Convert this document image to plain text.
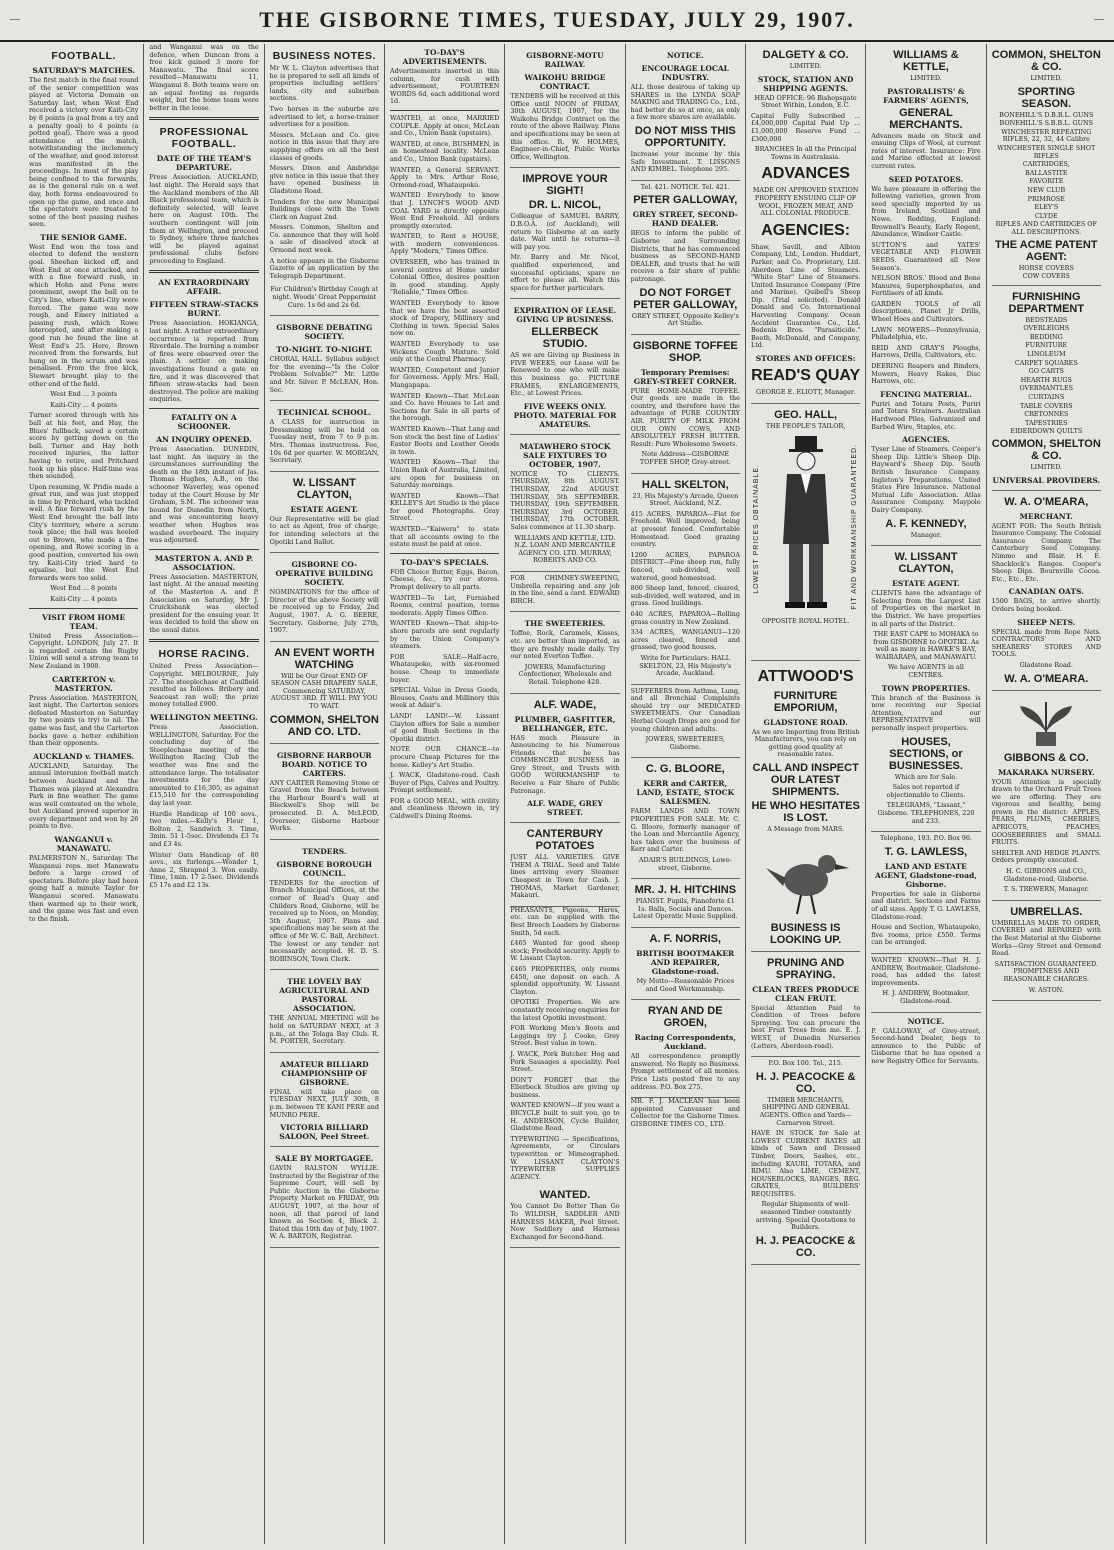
—	THE GISBORNE TIMES, TUESDAY, JULY 29, 1907.	—
FOOTBALL.
SATURDAY'S MATCHES.

The first match in the final round of the senior competition was played at Victoria Domain on Saturday last, when West End received a victory over Kaiti-City by 8 points (a goal from a try and a penalty goal) to 4 points (a potted goal). There was a good attendance at the match, notwithstanding the inclemency of the weather, and good interest was manifested in the proceedings. In most of the play being confined to the forwards, as is the general rule on a wet day, both forms endeavoured to open up the game, and once and the spectators were treated to some of the best passing rushes seen.

THE SENIOR GAME.

West End won the toss and elected to defend the western goal. Sheehan kicked off, and West End at once attacked, and with a fine forward rush, in which Hohn and Pene were prominent, swept the ball on to City's line, where Kaiti-City were forced. The game was now rough, and Emery initiated a passing rush, which Rowe intercepted, and after making a good run he found the line at West End's 25. Here, Brown received from the forwards, but hung on in the scrum and was penalised. From the free kick, Stewart brought play to the other end of the field.

West End ... 3 points

Kaiti-City ... 4 points

Turner scored through with his ball at his feet, and Hay, the Blues' fullback, saved a certain score by getting down on the ball. Turner and Hay both received injuries, the latter having to retire, and Pritchard took up his place. Half-time was then sounded.

Upon resuming, W. Pridie made a great run, and was just stopped in time by Pritchard, who tackled well. A fine forward rush by the West End brought the ball into City's territory, where a scrum took place; the ball was heeled out to Brown, who made a fine opening, and Rowe scoring in a good position, converted his own try. Kaiti-City tried hard to equalise, but the West End forwards were too solid.

West End ... 8 points

Kaiti-City ... 4 points

VISIT FROM HOME TEAM.

United Press Association—Copyright. LONDON, July 27. It is regarded certain the Rugby Union will send a strong team to New Zealand in 1908.

CARTERTON v. MASTERTON.

Press Association. MASTERTON, last night. The Carterton seniors defeated Masterton on Saturday by two points (a try) to nil. The game was fast, and the Carterton backs gave a better exhibition than their opponents.

AUCKLAND v. THAMES.

AUCKLAND, Saturday. The annual interunion football match between Auckland and the Thames was played at Alexandra Park in fine weather. The game was well contested on the whole, but Auckland proved superior in every department and won by 26 points to five.

WANGANUI v. MANAWATU.

PALMERSTON N., Saturday. The Wanganui reps. met Manawatu before a large crowd of spectators. Before play had been going half a minute Taylor for Wanganui scored. Manawatu then warmed up to their work, and the game was fast and even to the finish.

and Wanganui was on the defence, when Duncan from a free kick gained 3 more for Manawatu. The final score resulted—Manawatu 11, Wanganui 8. Both teams were on an equal footing as regards weight, but the home team were better in the loose.

PROFESSIONAL FOOTBALL.
DATE OF THE TEAM'S DEPARTURE.

Press Association. AUCKLAND, last night. The Herald says that the Auckland members of the All Black professional team, which is definitely selected, will leave here on August 10th. The southern contingent will join them at Wellington, and proceed to Sydney, where three matches will be played against professional clubs before proceeding to England.

AN EXTRAORDINARY AFFAIR.
FIFTEEN STRAW-STACKS BURNT.

Press Association. HOKIANGA, last night. A rather extraordinary occurrence is reported from Riverdale. The burning a number of fires were observed over the plain. A settler on making investigations found a gate on fire, and it was discovered that fifteen straw-stacks had been destroyed. The police are making enquiries.

FATALITY ON A SCHOONER.
AN INQUIRY OPENED.

Press Association. DUNEDIN, last night. An inquiry in the circumstances surrounding the death on the 18th instant of Jas. Thomas Hughes, A.B., on the schooner Waverley, was opened today at the Court House by Mr Graham, S.M. The schooner was bound for Dunedin from North, and was encountering heavy weather when Hughes was washed overboard. The inquiry was adjourned.

MASTERTON A. AND P. ASSOCIATION.

Press Association. MASTERTON, last night. At the annual meeting of the Masterton A. and P. Association on Saturday, Mr J. Cruickshank was elected president for the ensuing year. It was decided to hold the show on the usual dates.

HORSE RACING.

United Press Association—Copyright. MELBOURNE, July 27. The steeplechase at Caulfield resulted as follows. Bribery and Seacoast ran well; the prize money totalled £900.

WELLINGTON MEETING.

Press Association. WELLINGTON, Saturday. For the concluding day of the Steeplechase meeting of the Wellington Racing Club the weather was fine and the attendance large. The totalisator investments for the day amounted to £16,305, as against £15,510 for the corresponding day last year.

Hurdle Handicap of 100 sovs., two miles.—Kelly's Fleur 1, Bolton 2, Sandwich 3. Time, 3min. 51 1-5sec. Dividends £3 7s and £3 4s.

Winter Oats Handicap of 80 sovs., six furlongs.—Wonder 1, Anne 2, Shrapnel 3. Won easily. Time, 1min. 17 2-5sec. Dividends £5 17s and £2 13s.

BUSINESS NOTES.

Mr W. L. Clayton advertises that he is prepared to sell all kinds of properties including settlers' lands, city and suburban sections.

Two horses in the suburbs are advertised to let, a horse-trainer advertises for a position.

Messrs. McLean and Co. give notice in this issue that they are supplying offers on all the best classes of goods.

Messrs. Dixon and Ambridge give notice in this issue that they have opened business in Gladstone Road.

Tenders for the new Municipal Buildings close with the Town Clerk on August 2nd.

Messrs. Common, Shelton and Co. announce that they will hold a sale of dissolved stock at Ormond next week.

A notice appears in the Gisborne Gazette of an application by the Telegraph Department.

For Children's Birthday Cough at night. Woods' Great Peppermint Cure. 1s 6d and 2s 6d.

GISBORNE DEBATING SOCIETY.
TO-NIGHT. TO-NIGHT.

CHORAL HALL. Syllabus subject for the evening—"Is the Color Problem Solvable?" Mr. Little and Mr. Silver. P. McLEAN, Hon. Sec.

TECHNICAL SCHOOL.

A CLASS for instruction in Dressmaking will be held on Tuesday next, from 7 to 9 p.m. Mrs. Thomas instructress. Fee, 10s 6d per quarter. W. MORGAN, Secretary.

W. LISSANT CLAYTON,
ESTATE AGENT.

Our Representative will be glad to act as Agent, free of charge, for intending selectors at the Opotiki Land Ballot.

GISBORNE CO-OPERATIVE BUILDING SOCIETY.

NOMINATIONS for the office of Director of the above Society will be received up to Friday, 2nd August, 1907. A. G. BEERE, Secretary. Gisborne, July 27th, 1907.

AN EVENT WORTH WATCHING

Will be Our Great END OF SEASON CASH DRAPERY SALE, Commencing SATURDAY, AUGUST 3RD. IT WILL PAY YOU TO WAIT.

COMMON, SHELTON AND CO. LTD.
GISBORNE HARBOUR BOARD. NOTICE TO CARTERS.

ANY CARTER Removing Stone or Gravel from the Beach between the Harbour Board's wall at Bleckwell's Shop will be prosecuted. D. A. McLEOD, Overseer, Gisborne Harbour Works.

TENDERS.
GISBORNE BOROUGH COUNCIL.

TENDERS for the erection of Branch Municipal Offices, at the corner of Read's Quay and Childers Road, Gisborne, will be received up to Noon, on Monday, 5th August, 1907. Plans and specifications may be seen at the office of Mr W. C. Ball, Architect. The lowest or any tender not necessarily accepted. H. D. S. ROBINSON, Town Clerk.

THE LOVELY BAY AGRICULTURAL AND PASTORAL ASSOCIATION.

THE ANNUAL MEETING will be held on SATURDAY NEXT, at 3 p.m., at the Tolaga Bay Club. R. M. PORTER, Secretary.

AMATEUR BILLIARD CHAMPIONSHIP OF GISBORNE.

FINAL will take place on TUESDAY NEXT, JULY 30th, 8 p.m. between TE KANI PERE and MUNRO PERE.

VICTORIA BILLIARD SALOON, Peel Street.
SALE BY MORTGAGEE.

GAVIN RALSTON WYLLIE. Instructed by the Registrar of the Supreme Court, will sell by Public Auction in the Gisborne Property Market on FRIDAY, 9th AUGUST, 1907, at the hour of noon, all that parcel of land known as Section 4, Block 2. Dated this 10th day of July, 1907. W. A. BARTON, Registrar.

TO-DAY'S ADVERTISEMENTS.

Advertisements inserted in this column, for cash with advertisement, FOURTEEN WORDS 6d, each additional word 1d.

WANTED, at once, MARRIED COUPLE. Apply at once, McLean and Co., Union Bank (upstairs).

WANTED, at once, BUSHMEN, in an homestead locality. McLean and Co., Union Bank (upstairs).

WANTED, a General SERVANT. Apply to Mrs. Arthur Rose, Ormond-road, Whataupoko.

WANTED Everybody to know that J. LYNCH'S WOOD AND COAL YARD is directly opposite West End Freehold. All orders promptly executed.

WANTED, to Rent a HOUSE, with modern conveniences. Apply "Modern," Times Office.

OVERSEER, who has trained in several centres at Home under Colonial Office, desires position in good standing. Apply "Reliable," Times Office.

WANTED Everybody to know that we have the best assorted stock of Drapery, Millinery and Clothing in town. Special Sales now on.

WANTED Everybody to use Wickens' Cough Mixture. Sold only at the Central Pharmacy.

WANTED, Competent and Junior for Governess. Apply Mrs. Hall, Mangapapa.

WANTED Known—That McLean and Co. have Houses to Let and Sections for Sale in all parts of the borough.

WANTED Known—That Lang and Son stock the best line of Ladies' Easter Boots and Leather Goods in town.

WANTED Known—That the Union Bank of Australia, Limited, are open for business on Saturday mornings.

WANTED Known—That KELLEY'S Art Studio is the place for good Photographs. Gray Street.

WANTED—"Kaiwera" to state that all accounts owing to the estate must be paid at once.

TO-DAY'S SPECIALS.

FOR Choice Butter, Eggs, Bacon, Cheese, &c., try our stores. Prompt delivery to all parts.

WANTED—To Let, Furnished Rooms, central position, terms moderate. Apply Times Office.

WANTED Known—That ship-to-shore parcels are sent regularly by the Union Company's steamers.

FOR SALE—Half-acre, Whataupoko, with six-roomed house. Cheap to immediate buyer.

SPECIAL Value in Dress Goods, Blouses, Coats and Millinery this week at Adair's.

LAND! LAND!—W. Lissant Clayton offers for Sale a number of good Bush Sections in the Opotiki district.

NOTE OUR CHANCE—to procure Cheap Pictures for the home. Kelley's Art Studio.

J. WACK, Gladstone-road. Cash Buyer of Pigs, Calves and Poultry. Prompt settlement.

FOR a GOOD MEAL, with civility and cleanliness thrown in, try Caldwell's Dining Rooms.

GISBORNE-MOTU RAILWAY.
WAIKOHU BRIDGE CONTRACT.

TENDERS will be received at this Office until NOON of FRIDAY, 30th AUGUST, 1907, for the Waikohu Bridge Contract on the route of the above Railway. Plans and specifications may be seen at this office. R. W. HOLMES, Engineer-in-Chief, Public Works Office, Wellington.

IMPROVE YOUR SIGHT!
DR. L. NICOL,

Colleague of SAMUEL BARRY, D.B.O.A. (of Auckland), will return to Gisborne at an early date. Wait until he returns—it will pay you.

Mr. Barry and Mr. Nicol, qualified experienced, and successful opticians, spare no effort to please all. Watch this space for further particulars.

EXPIRATION OF LEASE. GIVING UP BUSINESS.
ELLERBECK STUDIO.

AS we are Giving up Business in FIVE WEEKS, our Lease will be Renewed to one who will make this business go. PICTURE FRAMES, ENLARGEMENTS, Etc., at Lowest Prices.

FIVE WEEKS ONLY. PHOTO. MATERIAL FOR AMATEURS.
MATAWHERO STOCK SALE FIXTURES TO OCTOBER, 1907.

NOTICE TO CLIENTS. THURSDAY, 8th AUGUST. THURSDAY, 22nd AUGUST. THURSDAY, 5th SEPTEMBER. THURSDAY, 19th SEPTEMBER. THURSDAY, 3rd OCTOBER. THURSDAY, 17th OCTOBER. Sales commence at 11.30 sharp.

WILLIAMS AND KETTLE, LTD. N.Z. LOAN AND MERCANTILE AGENCY CO. LTD. MURRAY, ROBERTS AND CO.

FOR CHIMNEY-SWEEPING, Umbrella repairing and any job in the line, send a card. EDWARD BIRCH.

THE SWEETERIES.

Toffee, Rock, Caramels, Kisses, etc. are better than imported, as they are freshly made daily. Try our noted Everton Toffee.

JOWERS, Manufacturing Confectioner, Wholesale and Retail. Telephone 428.

ALF. WADE,
PLUMBER, GASFITTER, BELLHANGER, ETC.

HAS much Pleasure in Announcing to his Numerous Friends that he has COMMENCED BUSINESS in Grey Street, and Trusts with GOOD WORKMANSHIP to Receive a Fair Share of Public Patronage.

ALF. WADE, GREY STREET.
CANTERBURY POTATOES

JUST ALL VARIETIES. GIVE THEM A TRIAL. Seed and Table lines arriving every Steamer. Cheapest in Town for Cash. J. THOMAS, Market Gardener, Makauri.

PHEASANTS, Pigeons, Hares, etc. can be supplied with the Best Breech Loaders by Gisborne Smith, 5d each.

£465 Wanted for good sheep stock; Freehold security. Apply to W. Lissant Clayton.

£465 PROPERTIES, only rooms £450, one deposit on each. A splendid opportunity. W. Lissant Clayton.

OPOTIKI Properties. We are constantly receiving enquiries for the latest Opotiki investment.

FOR Working Men's Boots and Leggings try J. Cooke, Grey Street. Best value in town.

J. WACK, Pork Butcher. Hog and Pork Sausages a speciality. Peel Street.

DON'T FORGET that the Ellerbeck Studios are giving up business.

WANTED KNOWN—If you want a BICYCLE built to suit you, go to H. ANDERSON, Cycle Builder, Gladstone Road.

TYPEWRITING — Specifications, Agreements, or Circulars typewritten or Mimeographed. W. LISSANT CLAYTON'S TYPEWRITER SUPPLIES AGENCY.

WANTED.

You Cannot Do Better Than Go To WILDISH, SADDLER AND HARNESS MAKER, Peel Street. New Saddlery and Harness Exchanged for Second-hand.

NOTICE.
ENCOURAGE LOCAL INDUSTRY.

ALL those desirous of taking up SHARES in the LYNDA SOAP MAKING and TRADING Co., Ltd., had better do so at once, as only a few more shares are available.

DO NOT MISS THIS OPPORTUNITY.

Increase your income by this Safe Investment. T. LISSONS AND KIMBEL. Telephone 295.

Tel. 421. NOTICE. Tel. 421.

PETER GALLOWAY,
GREY STREET, SECOND-HAND DEALER.

BEGS to inform the public of Gisborne and Surrounding Districts, that he has commenced business as SECOND-HAND DEALER, and trusts that he will receive a fair share of public patronage.

DO NOT FORGET PETER GALLOWAY,

GREY STREET, Opposite Kelley's Art Studio.

GISBORNE TOFFEE SHOP.
Temporary Premises: GREY-STREET CORNER.

PURE HOME-MADE TOFFEE. Our goods are made in the country, and therefore have the advantage of PURE COUNTRY AIR. PURITY OF MILK FROM OUR OWN COWS, AND ABSOLUTELY FRESH BUTTER. Result: Pure Wholesome Sweets.

Note Address—GISBORNE TOFFEE SHOP, Grey-street.

HALL SKELTON,

23, His Majesty's Arcade, Queen Street, Auckland, N.Z.

415 ACRES, PAPAROA—Flat for Freehold. Well improved, being at present fenced. Comfortable Homestead. Good grazing country.

1200 ACRES, PAPAROA DISTRICT—Fine sheep run, fully fenced, sub-divided, well watered, good homestead.

800 Sheep land, fenced, cleared, sub-divided, well watered, and in grass. Good buildings.

640 ACRES, PAPAROA—Rolling grass country in New Zealand.

334 ACRES, WANGANUI—120 acres cleared, fenced and grassed, two good houses.

Write for Particulars: HALL SKELTON, 23, His Majesty's Arcade, Auckland.

SUFFERERS from Asthma, Lung, and all Bronchial Complaints should try our MEDICATED SWEETMEATS. Our Canadian Herbal Cough Drops are good for young children and adults.

JOWERS, SWEETERIES, Gisborne.

C. G. BLOORE,
KERR and CARTER, LAND, ESTATE, STOCK SALESMEN.

FARM LANDS AND TOWN PROPERTIES FOR SALE. Mr. C. G. Bloore, formerly manager of the Loan and Mercantile Agency, has taken over the business of Kerr and Carter.

ADAIR'S BUILDINGS, Lowe-street, Gisborne.

MR. J. H. HITCHINS

PIANIST. Pupils, Pianoforte £1 1s. Balls, Socials and Dances. Latest Operatic Music Supplied.

A. F. NORRIS,
BRITISH BOOTMAKER AND REPAIRER, Gladstone-road.

My Motto—Reasonable Prices and Good Workmanship.

RYAN AND DE GROEN,
Racing Correspondents, Auckland.

All correspondence promptly answered. No Reply no Business. Prompt settlement of all monies. Price Lists posted free to any address. P.O. Box 275.

MR. F. J. MACLEAN has been appointed Canvasser and Collector for the Gisborne Times. GISBORNE TIMES CO., LTD.

DALGETY & CO.

LIMITED.

STOCK, STATION AND SHIPPING AGENTS.

HEAD OFFICE: 96 Bishopsgate Street Within, London, E.C.

Capital Fully Subscribed ... £4,000,000 Capital Paid Up ... £1,000,000 Reserve Fund ... £300,000

BRANCHES In all the Principal Towns in Australasia.

ADVANCES

MADE ON APPROVED STATION PROPERTY ENSUING CLIP OF WOOL, FROZEN MEAT, AND ALL COLONIAL PRODUCE.

AGENCIES:

Shaw, Savill, and Albion Company, Ltd., London. Huddart, Parker, and Co. Proprietary, Ltd. Aberdeen Line of Steamers. "White Star" Line of Steamers. United Insurance Company (Fire and Marine). Quibell's Sheep Dip. (Trial solicited). Donald Donald and Co. International Harvesting Company. Ocean Accident Guarantee Co., Ltd. Bodenis Bros. "Parasiticide." Booth, McDonald, and Company, Ltd.

STORES AND OFFICES:
READ'S QUAY

GEORGE E. ELIOTT, Manager.

GEO. HALL,

THE PEOPLE'S TAILOR,

LOWEST PRICES OBTAINABLE.	FIT AND WORKMANSHIP GUARANTEED.

OPPOSITE ROYAL HOTEL.

ATTWOOD'S
FURNITURE EMPORIUM,
GLADSTONE ROAD.

As we are Importing from British Manufacturers, you can rely on getting good quality at reasonable rates.

CALL AND INSPECT OUR LATEST SHIPMENTS.
HE WHO HESITATES IS LOST.

A Message from MARS.

BUSINESS IS LOOKING UP.
PRUNING AND SPRAYING.
CLEAN TREES PRODUCE CLEAN FRUIT.

Special Attention Paid to Condition of Trees before Spraying. You can procure the best Fruit Trees from me. E. J. WEST, of Dunedin Nurseries (Letters, Aberdeen-road).

P.O. Box 100. Tel., 215.

H. J. PEACOCKE & CO.

TIMBER MERCHANTS, SHIPPING AND GENERAL AGENTS. Office and Yards—Carnarvon Street.

HAVE IN STOCK for Sale at LOWEST CURRENT RATES all kinds of Sawn and Dressed Timber, Doors, Sashes, etc., including KAURI, TOTARA, and RIMU. Also LIME, CEMENT, HOUSEBLOCKS, RANGES, REG. GRATES, BUILDERS' REQUISITES.

Regular Shipments of well-seasoned Timber constantly arriving. Special Quotations to Builders.

H. J. PEACOCKE & CO.
WILLIAMS & KETTLE,

LIMITED.

PASTORALISTS' & FARMERS' AGENTS,
GENERAL MERCHANTS.

Advances made on Stock and ensuing Clips of Wool, at current rates of interest. Insurance: Fire and Marine effected at lowest current rates.

SEED POTATOES.

We have pleasure in offering the following varieties, grown from seed specially imported by us from Ireland, Scotland and Newe. Redding, England: Brownell's Beauty, Early Regent, Abundance, Windsor Castle.

SUTTON'S and YATES' VEGETABLE AND FLOWER SEEDS. Guaranteed all New Season's.

NELSON BROS.' Blood and Bone Manures, Superphosphates, and Fertilisers of all kinds.

GARDEN TOOLS of all descriptions, Planet Jr Drills, Wheel Hoes and Cultivators.

LAWN MOWERS—Pennsylvania, Philadelphia, etc.

REID AND GRAY'S Ploughs, Harrows, Drills, Cultivators, etc.

DEERING Reapers and Binders, Mowers, Heavy Rakes, Disc Harrows, etc.

FENCING MATERIAL.

Puriri and Totara Posts, Puriri and Totara Strainers. Australian Hardwood Piles, Galvanized and Barbed Wire, Staples, etc.

AGENCIES.

Tyser Line of Steamers. Cooper's Sheep Dip. Little's Sheep Dip. Hayward's Sheep Dip. South British Insurance Company. Ingleton's Preparations. United States Fire Insurance. National Mutual Life Association. Atlas Assurance Company. Maypole Dairy Company.

A. F. KENNEDY,

Manager.

W. LISSANT CLAYTON,
ESTATE AGENT.

CLIENTS have the advantage of Selecting from the Largest List of Properties on the market in the District. We have properties in all parts of the District.

THE EAST CAPE to MOHAKA to from GISBORNE to OPOTIKI. As well as many in HAWKE'S BAY, WAIRARAPA, and MANAWATU.

We have AGENTS in all CENTRES.

TOWN PROPERTIES.

This branch of the Business is now receiving our Special Attention, and our REPRESENTATIVE will personally inspect properties.

HOUSES, SECTIONS, or BUSINESSES.

Which are for Sale.

Sales not reported if objectionable to Clients.

TELEGRAMS, "Lissant," Gisborne. TELEPHONES, 220 and 233.

Telephone, 193. P.O. Box 96.

T. G. LAWLESS,
LAND AND ESTATE AGENT, Gladstone-road, Gisborne.

Properties for sale in Gisborne and district. Sections and Farms of all sizes. Apply T. G. LAWLESS, Gladstone-road.

House and Section, Whataupoko, five rooms, price £550. Terms can be arranged.

WANTED KNOWN—That H. J. ANDREW, Bootmaker, Gladstone-road, has added the latest improvements.

H. J. ANDREW, Bootmaker, Gladstone-road.

NOTICE.

P. GALLOWAY, of Grey-street, Second-hand Dealer, begs to announce to the Public of Gisborne that he has opened a new Registry Office for Servants.

COMMON, SHELTON & CO.

LIMITED.

SPORTING SEASON.

BONEHILL'S D.B.B.L. GUNS

BONEHILL'S S.B.B.L. GUNS

WINCHESTER REPEATING RIFLES, 22, 32, 44 Calibre

WINCHESTER SINGLE SHOT RIFLES

CARTRIDGES,

BALLASTITE

FAVORITE

NEW CLUB

PRIMROSE

ELEY'S

CLYDE

RIFLES AND CARTRIDGES OF ALL DESCRIPTIONS.

THE ACME PATENT AGENT:

HORSE COVERS

COW COVERS

FURNISHING DEPARTMENT

BEDSTEADS

OVERLEIGHS

BEDDING

FURNITURE

LINOLEUM

CARPET SQUARES

GO CARTS

HEARTH RUGS

OVERMANTLES

CURTAINS

TABLE COVERS

CRETONNES

TAPESTRIES

EIDERDOWN QUILTS

COMMON, SHELTON & CO.

LIMITED.

UNIVERSAL PROVIDERS.
W. A. O'MEARA,
MERCHANT.

AGENT FOR: The South British Insurance Company. The Colonial Assurance Company. The Canterbury Seed Company. Nimmo and Blair. H. E. Shacklock's Ranges. Cooper's Sheep Dips. Bournville Cocoa. Etc., Etc., Etc.

CANADIAN OATS.

1500 BAGS, to arrive shortly. Orders being booked.

SHEEP NETS.

SPECIAL made from Rope Nets. CONTRACTORS' AND SHEARERS' STORES AND TOOLS.

Gladstone Road.

W. A. O'MEARA.
GIBBONS & CO.
MAKARAKA NURSERY.

YOUR Attention is specially drawn to the Orchard Fruit Trees we are offering. They are vigorous and healthy, being grown in the district: APPLES, PEARS, PLUMS, CHERRIES, APRICOTS, PEACHES, GOOSEBERRIES and SMALL FRUITS.

SHELTER AND HEDGE PLANTS. Orders promptly executed.

H. C. GIBBONS and CO., Gladstone-road, Gisborne.

T. S. TREWERN, Manager.

UMBRELLAS.

UMBRELLAS MADE TO ORDER, COVERED and REPAIRED with the Best Material at the Gisborne Works—Grey Street and Ormond Road.

SATISFACTION GUARANTEED. PROMPTNESS AND REASONABLE CHARGES.

W. ASTON.
